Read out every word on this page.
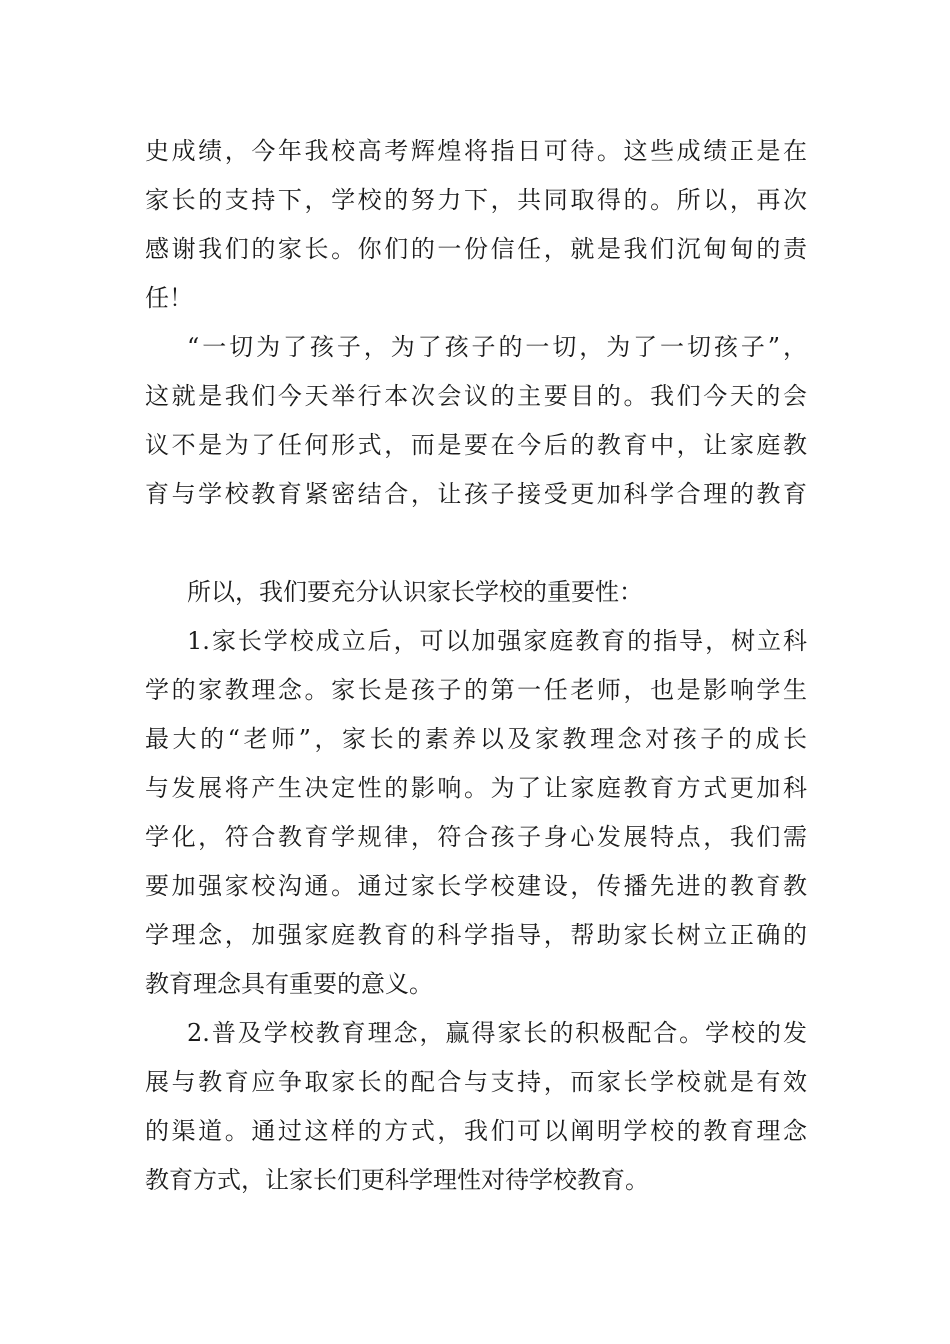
史成绩，今年我校高考辉煌将指日可待。这些成绩正是在
家长的支持下，学校的努力下，共同取得的。所以，再次
感谢我们的家长。你们的一份信任，就是我们沉甸甸的责
任！
“一切为了孩子，为了孩子的一切，为了一切孩子”，
这就是我们今天举行本次会议的主要目的。我们今天的会
议不是为了任何形式，而是要在今后的教育中，让家庭教
育与学校教育紧密结合，让孩子接受更加科学合理的教育
所以，我们要充分认识家长学校的重要性：
1.家长学校成立后，可以加强家庭教育的指导，树立科
学的家教理念。家长是孩子的第一任老师，也是影响学生
最大的“老师”，家长的素养以及家教理念对孩子的成长
与发展将产生决定性的影响。为了让家庭教育方式更加科
学化，符合教育学规律，符合孩子身心发展特点，我们需
要加强家校沟通。通过家长学校建设，传播先进的教育教
学理念，加强家庭教育的科学指导，帮助家长树立正确的
教育理念具有重要的意义。
2.普及学校教育理念，赢得家长的积极配合。学校的发
展与教育应争取家长的配合与支持，而家长学校就是有效
的渠道。通过这样的方式，我们可以阐明学校的教育理念
教育方式，让家长们更科学理性对待学校教育。
